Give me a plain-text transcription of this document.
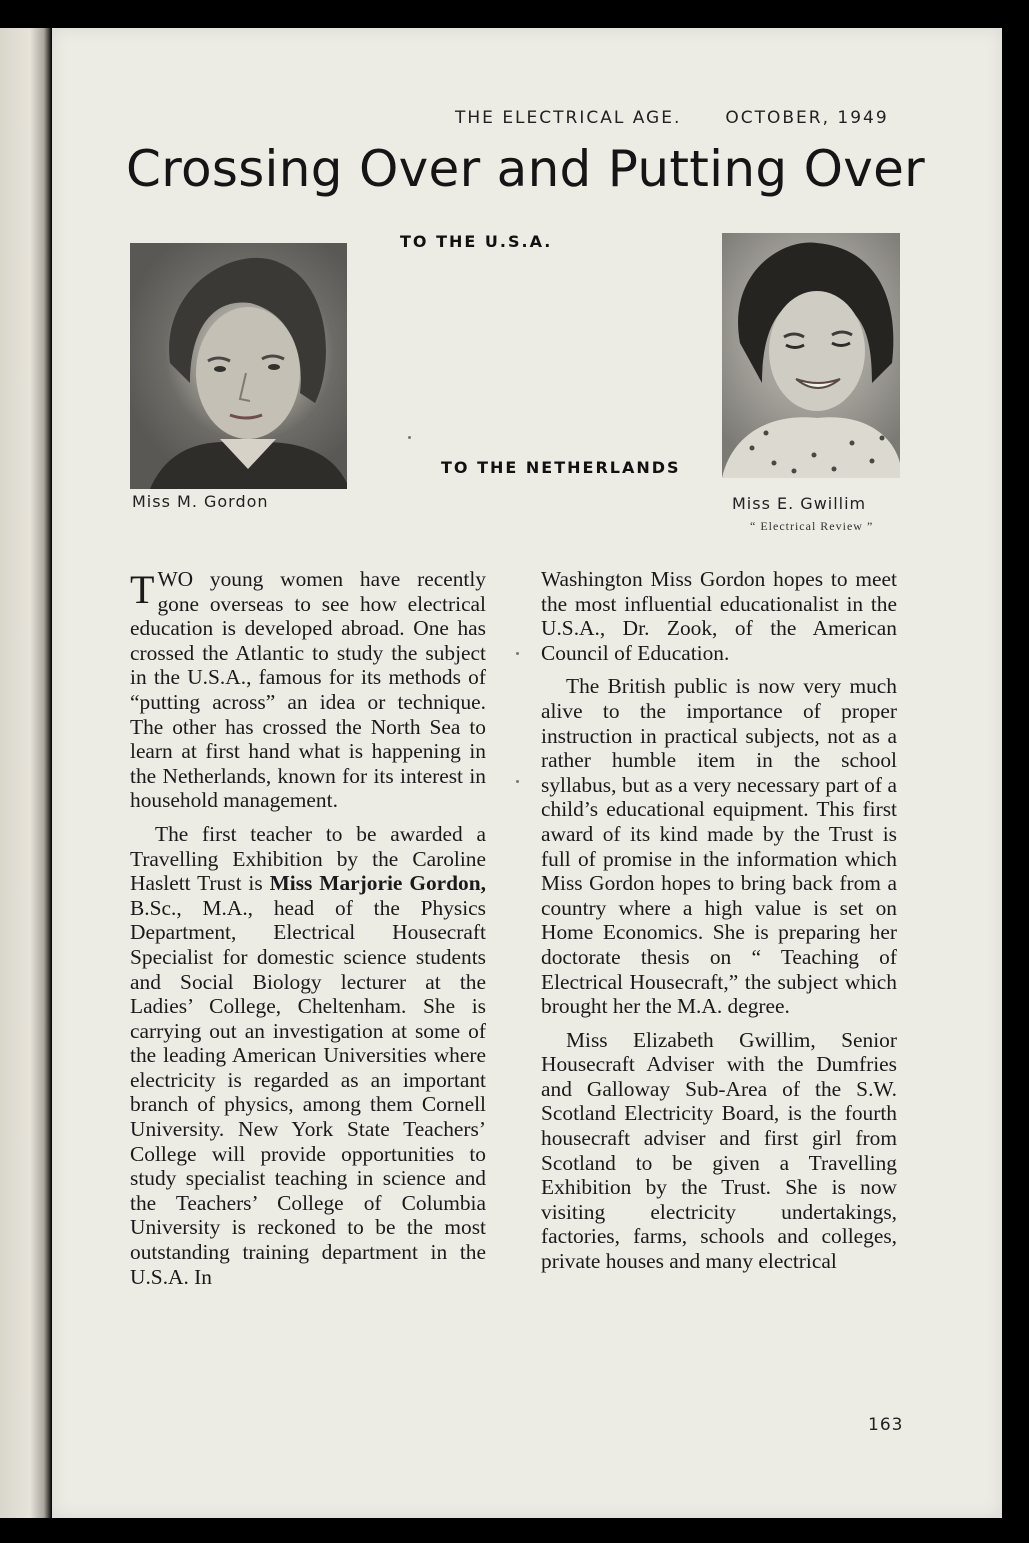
THE ELECTRICAL AGE.	OCTOBER, 1949
Crossing Over and Putting Over
TO THE U.S.A.
TO THE NETHERLANDS
Miss M. Gordon	Miss E. Gwillim
“ Electrical Review ”

TWO young women have recently gone overseas to see how electrical education is developed abroad. One has crossed the Atlantic to study the subject in the U.S.A., famous for its methods of “putting across” an idea or technique. The other has crossed the North Sea to learn at first hand what is happening in the Netherlands, known for its interest in household management.

The first teacher to be awarded a Travelling Exhibition by the Caroline Haslett Trust is Miss Marjorie Gordon, B.Sc., M.A., head of the Physics Department, Electrical Housecraft Specialist for domestic science students and Social Biology lecturer at the Ladies’ College, Cheltenham. She is carrying out an investigation at some of the leading American Universities where electricity is regarded as an important branch of physics, among them Cornell University. New York State Teachers’ College will provide opportunities to study specialist teaching in science and the Teachers’ College of Columbia University is reckoned to be the most outstanding training department in the U.S.A. In

Washington Miss Gordon hopes to meet the most influential educationalist in the U.S.A., Dr. Zook, of the American Council of Education.

The British public is now very much alive to the importance of proper instruction in practical subjects, not as a rather humble item in the school syllabus, but as a very necessary part of a child’s educational equipment. This first award of its kind made by the Trust is full of promise in the information which Miss Gordon hopes to bring back from a country where a high value is set on Home Economics. She is preparing her doctorate thesis on “ Teaching of Electrical Housecraft,” the subject which brought her the M.A. degree.

Miss Elizabeth Gwillim, Senior Housecraft Adviser with the Dumfries and Galloway Sub-Area of the S.W. Scotland Electricity Board, is the fourth housecraft adviser and first girl from Scotland to be given a Travelling Exhibition by the Trust. She is now visiting electricity undertakings, factories, farms, schools and colleges, private houses and many electrical

163
